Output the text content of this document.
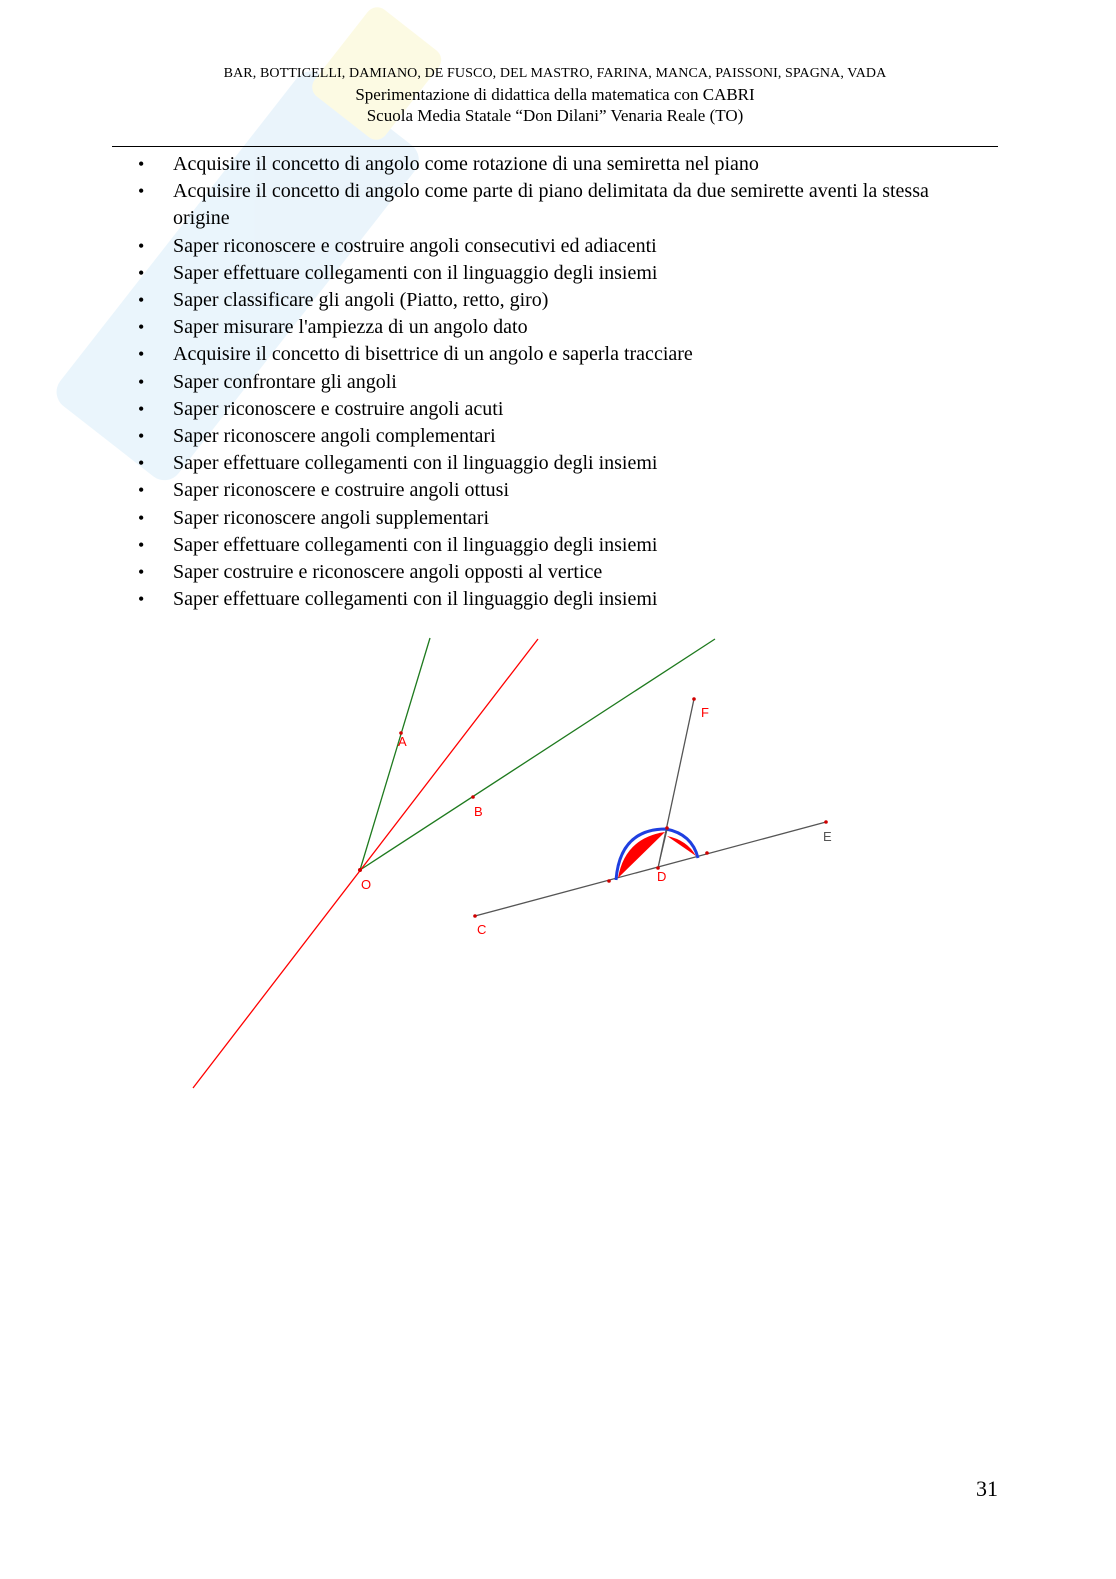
BAR, BOTTICELLI, DAMIANO, DE FUSCO, DEL MASTRO, FARINA, MANCA, PAISSONI, SPAGNA, VADA
Sperimentazione di didattica della matematica con CABRI
Scuola Media Statale “Don Dilani” Venaria Reale (TO)
• Acquisire il concetto di angolo come rotazione di una semiretta nel piano
• Acquisire il concetto di angolo come parte di piano delimitata da due semirette aventi la stessa origine
• Saper riconoscere e costruire angoli consecutivi ed adiacenti
• Saper effettuare collegamenti con il linguaggio degli insiemi
• Saper classificare gli angoli (Piatto, retto, giro)
• Saper misurare l'ampiezza di un angolo dato
• Acquisire il concetto di bisettrice di un angolo e saperla tracciare
• Saper confrontare gli angoli
• Saper riconoscere e costruire angoli acuti
• Saper riconoscere angoli complementari
• Saper effettuare collegamenti con il linguaggio degli insiemi
• Saper riconoscere e costruire angoli ottusi
• Saper riconoscere angoli supplementari
• Saper effettuare collegamenti con il linguaggio degli insiemi
• Saper costruire e riconoscere angoli opposti al vertice
• Saper effettuare collegamenti con il linguaggio degli insiemi
A
B
O
F
D
E
C
31
